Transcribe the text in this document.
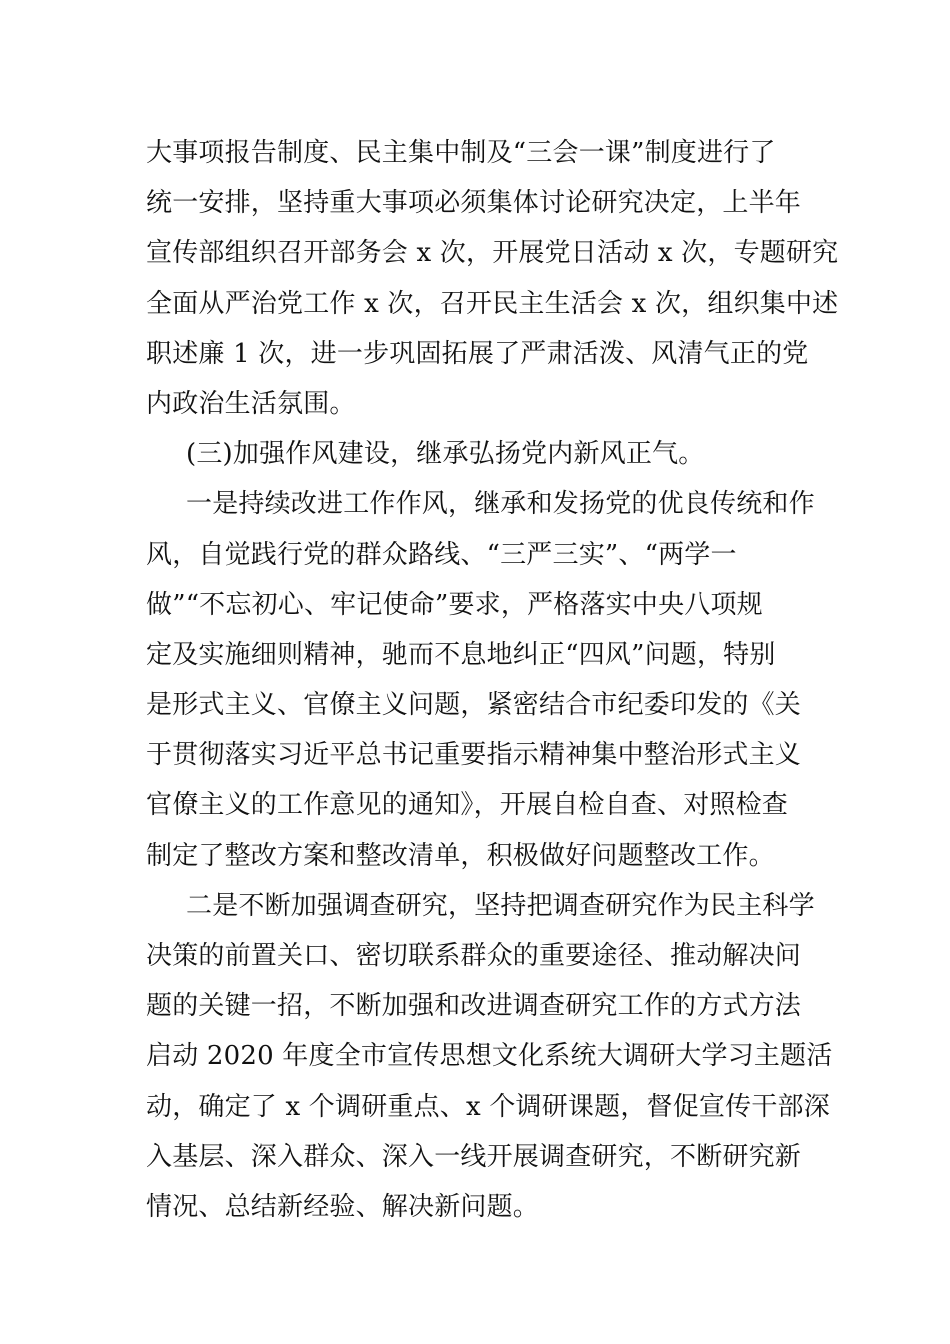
大事项报告制度、民主集中制及“三会一课”制度进行了
统一安排，坚持重大事项必须集体讨论研究决定，上半年
宣传部组织召开部务会 x 次，开展党日活动 x 次，专题研究
全面从严治党工作 x 次，召开民主生活会 x 次，组织集中述
职述廉 1 次，进一步巩固拓展了严肃活泼、风清气正的党
内政治生活氛围。
(三)加强作风建设，继承弘扬党内新风正气。
一是持续改进工作作风，继承和发扬党的优良传统和作
风，自觉践行党的群众路线、“三严三实”、“两学一
做”“不忘初心、牢记使命”要求，严格落实中央八项规
定及实施细则精神，驰而不息地纠正“四风”问题，特别
是形式主义、官僚主义问题，紧密结合市纪委印发的《关
于贯彻落实习近平总书记重要指示精神集中整治形式主义
官僚主义的工作意见的通知》，开展自检自查、对照检查
制定了整改方案和整改清单，积极做好问题整改工作。
二是不断加强调查研究，坚持把调查研究作为民主科学
决策的前置关口、密切联系群众的重要途径、推动解决问
题的关键一招，不断加强和改进调查研究工作的方式方法
启动 2020 年度全市宣传思想文化系统大调研大学习主题活
动，确定了 x 个调研重点、x 个调研课题，督促宣传干部深
入基层、深入群众、深入一线开展调查研究，不断研究新
情况、总结新经验、解决新问题。
